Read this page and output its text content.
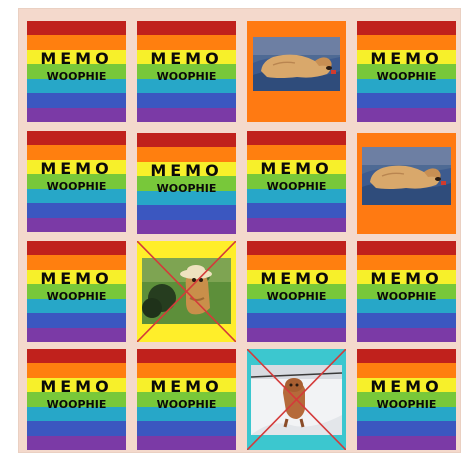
MEMO
WOOPHIE
MEMO
WOOPHIE
MEMO
WOOPHIE
MEMO
WOOPHIE
MEMO
WOOPHIE
MEMO
WOOPHIE
MEMO
WOOPHIE
MEMO
WOOPHIE
MEMO
WOOPHIE
MEMO
WOOPHIE
MEMO
WOOPHIE
MEMO
WOOPHIE
